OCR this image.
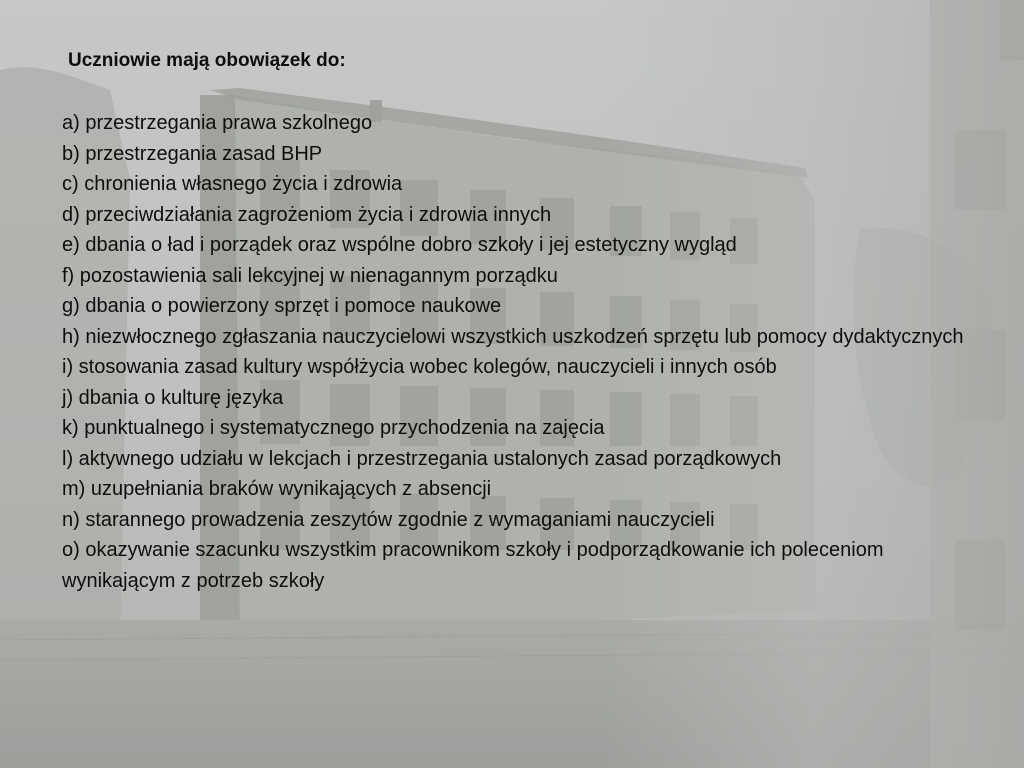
Uczniowie mają obowiązek do:
a) przestrzegania prawa szkolnego
b) przestrzegania zasad BHP
c) chronienia własnego życia i zdrowia
d) przeciwdziałania zagrożeniom życia i zdrowia innych
e) dbania o ład i porządek oraz wspólne dobro szkoły i jej estetyczny wygląd
f) pozostawienia sali lekcyjnej w nienagannym porządku
g) dbania o powierzony sprzęt i pomoce naukowe
h) niezwłocznego zgłaszania nauczycielowi wszystkich uszkodzeń sprzętu lub pomocy dydaktycznych
i) stosowania zasad kultury współżycia wobec kolegów, nauczycieli i innych osób
j) dbania o kulturę języka
k) punktualnego i systematycznego przychodzenia na zajęcia
l) aktywnego udziału w lekcjach i przestrzegania ustalonych zasad porządkowych
m) uzupełniania braków wynikających z absencji
n) starannego prowadzenia zeszytów zgodnie z wymaganiami nauczycieli
o) okazywanie szacunku wszystkim pracownikom szkoły i podporządkowanie ich poleceniom wynikającym z potrzeb szkoły
